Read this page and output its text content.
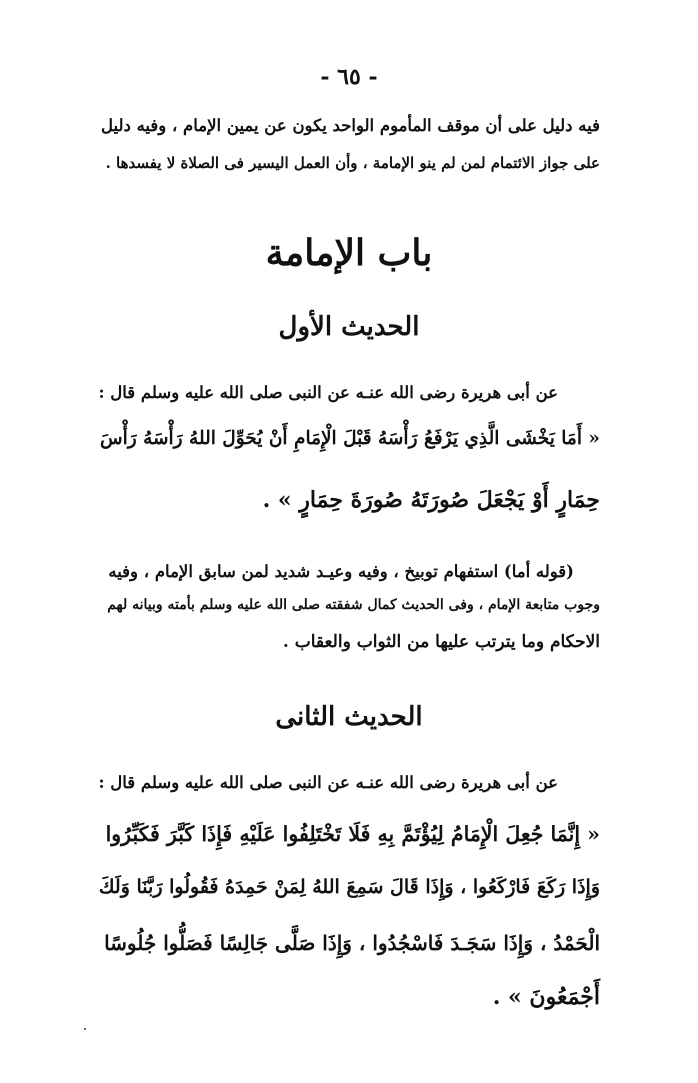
- ٦٥ -
فيه دليل على أن موقف المأموم الواحد يكون عن يمين الإمام ، وفيه دليل
على جواز الائتمام لمن لم ينو الإمامة ، وأن العمل اليسير فى الصلاة لا يفسدها .
باب الإمامة
الحديث الأول
عن أبى هريرة رضى الله عنـه عن النبى صلى الله عليه وسلم قال :
« أَمَا يَخْشَى الَّذِي يَرْفَعُ رَأْسَهُ قَبْلَ الْإِمَامِ أَنْ يُحَوِّلَ اللهُ رَأْسَهُ رَأْسَ
حِمَارٍ أَوْ يَجْعَلَ صُورَتَهُ صُورَةَ حِمَارٍ » .
(قوله أما) استفهام توبيخ ، وفيه وعيـد شديد لمن سابق الإمام ، وفيه
وجوب متابعة الإمام ، وفى الحديث كمال شفقته صلى الله عليه وسلم بأمته وبيانه لهم
الاحكام وما يترتب عليها من الثواب والعقاب .
الحديث الثانى
عن أبى هريرة رضى الله عنـه عن النبى صلى الله عليه وسلم قال :
« إِنَّمَا جُعِلَ الْإِمَامُ لِيُؤْتَمَّ بِهِ فَلَا تَخْتَلِفُوا عَلَيْهِ فَإِذَا كَبَّرَ فَكَبِّرُوا
وَإِذَا رَكَعَ فَارْكَعُوا ، وَإِذَا قَالَ سَمِعَ اللهُ لِمَنْ حَمِدَهُ فَقُولُوا رَبَّنَا وَلَكَ
الْحَمْدُ ، وَإِذَا سَجَـدَ فَاسْجُدُوا ، وَإِذَا صَلَّى جَالِسًا فَصَلُّوا جُلُوسًا
أَجْمَعُونَ » .
